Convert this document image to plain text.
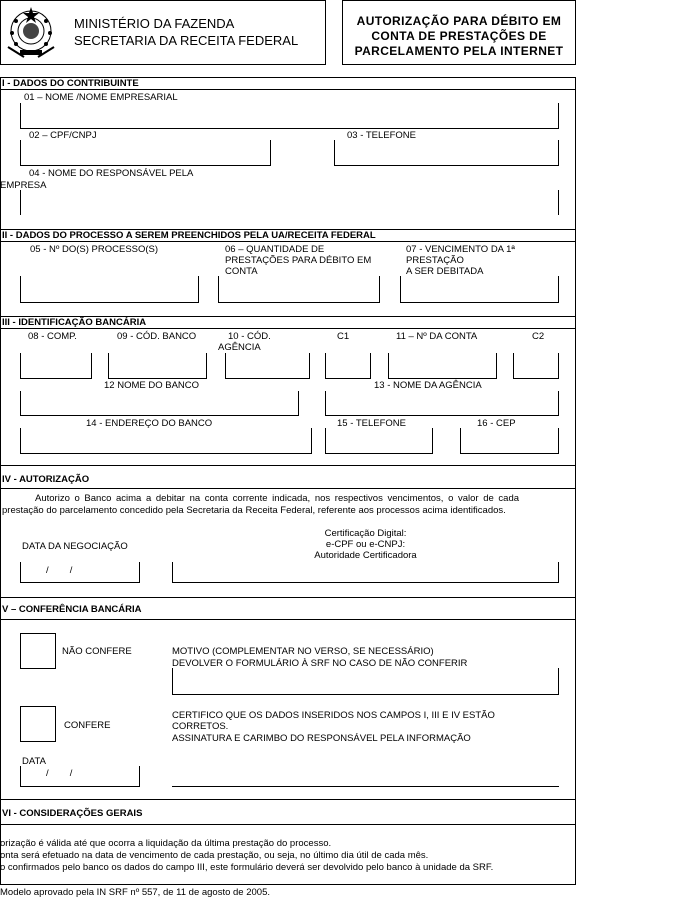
MINISTÉRIO DA FAZENDA
SECRETARIA DA RECEITA FEDERAL
AUTORIZAÇÃO PARA DÉBITO EM
CONTA DE PRESTAÇÕES DE
PARCELAMENTO PELA INTERNET
I - DADOS DO CONTRIBUINTE
01 – NOME /NOME EMPRESARIAL
02 – CPF/CNPJ	03 - TELEFONE
04 - NOME DO RESPONSÁVEL PELA
EMPRESA
II - DADOS DO PROCESSO A SEREM PREENCHIDOS PELA UA/RECEITA FEDERAL
05 - Nº DO(S) PROCESSO(S)	06 – QUANTIDADE DE
PRESTAÇÕES PARA DÉBITO EM
CONTA
07 - VENCIMENTO DA 1ª
PRESTAÇÃO
A SER DEBITADA
III - IDENTIFICAÇÃO BANCÁRIA
08 - COMP.	09 - CÓD. BANCO	10 - CÓD.
AGÊNCIA
C1	11 – Nº DA CONTA	C2
12 NOME DO BANCO	13 - NOME DA AGÊNCIA
14 - ENDEREÇO DO BANCO	15 - TELEFONE	16 - CEP
IV - AUTORIZAÇÃO
Autorizo o Banco acima a debitar na conta corrente indicada, nos respectivos vencimentos, o valor de cada
prestação do parcelamento concedido pela Secretaria da Receita Federal, referente aos processos acima identificados.
DATA DA NEGOCIAÇÃO
/        /
Certificação Digital:
e-CPF ou e-CNPJ:
Autoridade Certificadora
V – CONFERÊNCIA BANCÁRIA
NÃO CONFERE	MOTIVO (COMPLEMENTAR NO VERSO, SE NECESSÁRIO)
DEVOLVER O FORMULÁRIO À SRF NO CASO DE NÃO CONFERIR
CONFERE
CERTIFICO QUE OS DADOS INSERIDOS NOS CAMPOS I, III E IV ESTÃO
CORRETOS.
ASSINATURA E CARIMBO DO RESPONSÁVEL PELA INFORMAÇÃO
DATA
/        /
VI - CONSIDERAÇÕES GERAIS
orização é válida até que ocorra a liquidação da última prestação do processo.
onta será efetuado na data de vencimento de cada prestação, ou seja, no último dia útil de cada mês.
o confirmados pelo banco os dados do campo III, este formulário deverá ser devolvido pelo banco à unidade da SRF.
Modelo aprovado pela IN SRF nº 557, de 11 de agosto de 2005.
